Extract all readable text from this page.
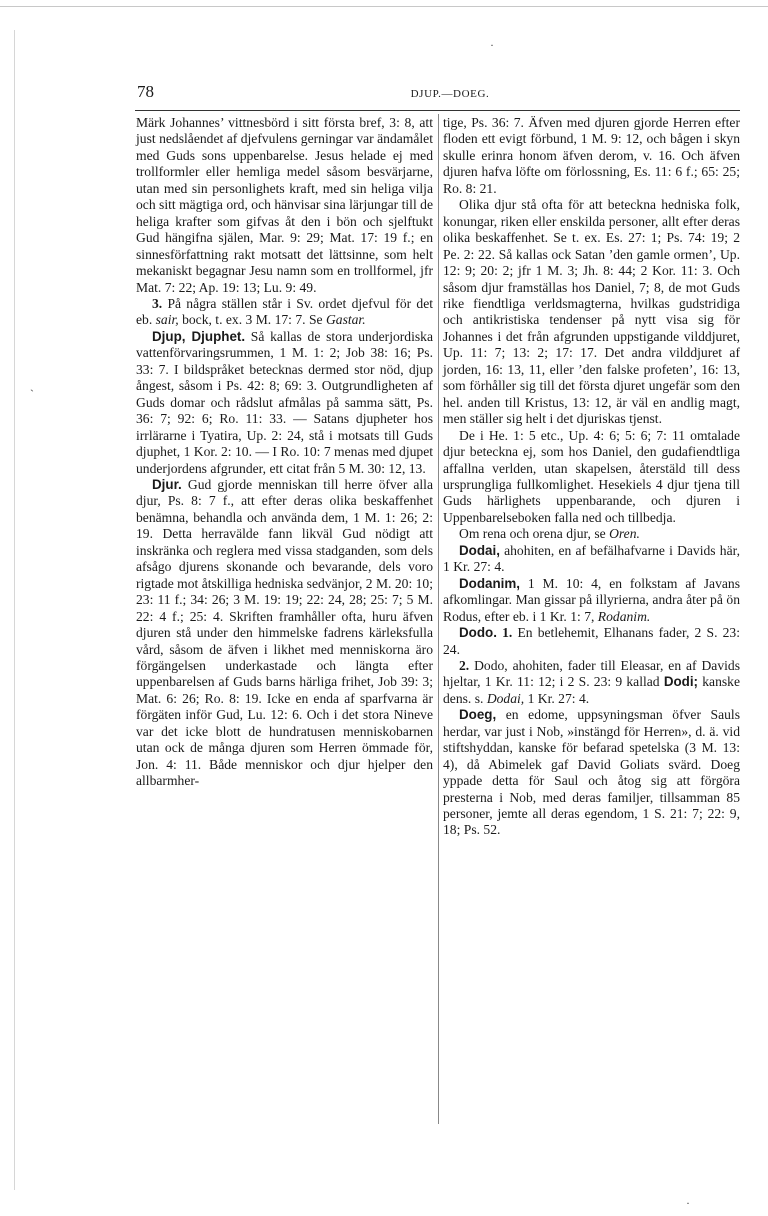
·
ˎ
·
78	DJUP.—DOEG.

Märk Johannes’ vittnesbörd i sitt första bref, 3: 8, att just nedslåendet af djefvulens gerningar var ändamålet med Guds sons uppenbarelse. Jesus helade ej med trollformler eller hemliga medel såsom besvärjarne, utan med sin personlighets kraft, med sin heliga vilja och sitt mägtiga ord, och hänvisar sina lärjungar till de heliga krafter som gifvas åt den i bön och sjelftukt Gud hängifna själen, Mar. 9: 29; Mat. 17: 19 f.; en sinnesförfattning rakt motsatt det lättsinne, som helt mekaniskt begagnar Jesu namn som en trollformel, jfr Mat. 7: 22; Ap. 19: 13; Lu. 9: 49.

3. På några ställen står i Sv. ordet djefvul för det eb. sair, bock, t. ex. 3 M. 17: 7. Se Gastar.

Djup, Djuphet. Så kallas de stora underjordiska vattenförvaringsrummen, 1 M. 1: 2; Job 38: 16; Ps. 33: 7. I bildspråket betecknas dermed stor nöd, djup ångest, såsom i Ps. 42: 8; 69: 3. Outgrundligheten af Guds domar och rådslut afmålas på samma sätt, Ps. 36: 7; 92: 6; Ro. 11: 33. — Satans djupheter hos irrlärarne i Tyatira, Up. 2: 24, stå i motsats till Guds djuphet, 1 Kor. 2: 10. — I Ro. 10: 7 menas med djupet underjordens afgrunder, ett citat från 5 M. 30: 12, 13.

Djur. Gud gjorde menniskan till herre öfver alla djur, Ps. 8: 7 f., att efter deras olika beskaffenhet benämna, behandla och använda dem, 1 M. 1: 26; 2: 19. Detta herravälde fann likväl Gud nödigt att inskränka och reglera med vissa stadganden, som dels afsågo djurens skonande och bevarande, dels voro rigtade mot åtskilliga hedniska sedvänjor, 2 M. 20: 10; 23: 11 f.; 34: 26; 3 M. 19: 19; 22: 24, 28; 25: 7; 5 M. 22: 4 f.; 25: 4. Skriften framhåller ofta, huru äfven djuren stå under den himmelske fadrens kärleksfulla vård, såsom de äfven i likhet med menniskorna äro förgängelsen underkastade och längta efter uppenbarelsen af Guds barns härliga frihet, Job 39: 3; Mat. 6: 26; Ro. 8: 19. Icke en enda af sparfvarna är förgäten inför Gud, Lu. 12: 6. Och i det stora Nineve var det icke blott de hundratusen menniskobarnen utan ock de många djuren som Herren ömmade för, Jon. 4: 11. Både menniskor och djur hjelper den allbarmher-

tige, Ps. 36: 7. Äfven med djuren gjorde Herren efter floden ett evigt förbund, 1 M. 9: 12, och bågen i skyn skulle erinra honom äfven derom, v. 16. Och äfven djuren hafva löfte om förlossning, Es. 11: 6 f.; 65: 25; Ro. 8: 21.

Olika djur stå ofta för att beteckna hedniska folk, konungar, riken eller enskilda personer, allt efter deras olika beskaffenhet. Se t. ex. Es. 27: 1; Ps. 74: 19; 2 Pe. 2: 22. Så kallas ock Satan ’den gamle ormen’, Up. 12: 9; 20: 2; jfr 1 M. 3; Jh. 8: 44; 2 Kor. 11: 3. Och såsom djur framställas hos Daniel, 7; 8, de mot Guds rike fiendtliga verldsmagterna, hvilkas gudstridiga och antikristiska tendenser på nytt visa sig för Johannes i det från afgrunden uppstigande vilddjuret, Up. 11: 7; 13: 2; 17: 17. Det andra vilddjuret af jorden, 16: 13, 11, eller ’den falske profeten’, 16: 13, som förhåller sig till det första djuret ungefär som den hel. anden till Kristus, 13: 12, är väl en andlig magt, men ställer sig helt i det djuriskas tjenst.

De i He. 1: 5 etc., Up. 4: 6; 5: 6; 7: 11 omtalade djur beteckna ej, som hos Daniel, den gudafiendtliga affallna verlden, utan skapelsen, återstäld till dess ursprungliga fullkomlighet. Hesekiels 4 djur tjena till Guds härlighets uppenbarande, och djuren i Uppenbarelseboken falla ned och tillbedja.

Om rena och orena djur, se Oren.

Dodai, ahohiten, en af befälhafvarne i Davids här, 1 Kr. 27: 4.

Dodanim, 1 M. 10: 4, en folkstam af Javans afkomlingar. Man gissar på illyrierna, andra åter på ön Rodus, efter eb. i 1 Kr. 1: 7, Rodanim.

Dodo. 1. En betlehemit, Elhanans fader, 2 S. 23: 24.

2. Dodo, ahohiten, fader till Eleasar, en af Davids hjeltar, 1 Kr. 11: 12; i 2 S. 23: 9 kallad Dodi; kanske dens. s. Dodai, 1 Kr. 27: 4.

Doeg, en edome, uppsyningsman öfver Sauls herdar, var just i Nob, »instängd för Herren», d. ä. vid stiftshyddan, kanske för befarad spetelska (3 M. 13: 4), då Abimelek gaf David Goliats svärd. Doeg yppade detta för Saul och åtog sig att förgöra presterna i Nob, med deras familjer, tillsamman 85 personer, jemte all deras egendom, 1 S. 21: 7; 22: 9, 18; Ps. 52.
